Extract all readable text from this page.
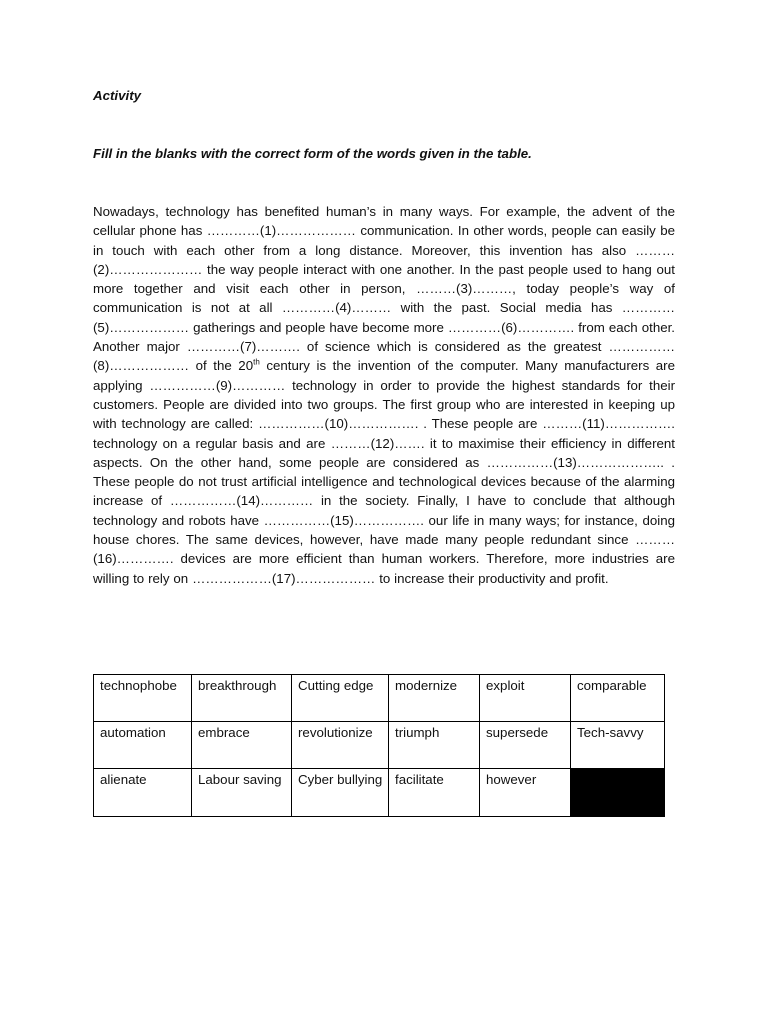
Activity
Fill in the blanks with the correct form of the words given in the table.

Nowadays, technology has benefited human’s in many ways. For example, the advent of the cellular phone has …………(1)……………… communication. In other words, people can easily be in touch with each other from a long distance. Moreover, this invention has also ………(2)………………… the way people interact with one another. In the past people used to hang out more together and visit each other in person, ………(3)………, today people’s way of communication is not at all …………(4)……… with the past. Social media has …………(5)……………… gatherings and people have become more …………(6)…………. from each other. Another major …………(7)………. of science which is considered as the greatest ……………(8)……………… of the 20th century is the invention of the computer. Many manufacturers are applying ……………(9)………… technology in order to provide the highest standards for their customers. People are divided into two groups. The first group who are interested in keeping up with technology are called: ……………(10)……………. . These people are ………(11)……………. technology on a regular basis and are ………(12)……. it to maximise their efficiency in different aspects. On the other hand, some people are considered as ……………(13)……………….. . These people do not trust artificial intelligence and technological devices because of the alarming increase of ……………(14)………… in the society. Finally, I have to conclude that although technology and robots have ……………(15)……………. our life in many ways; for instance, doing house chores. The same devices, however, have made many people redundant since ………(16)…………. devices are more efficient than human workers. Therefore, more industries are willing to rely on ………………(17)……………… to increase their productivity and profit.

technophobe	breakthrough	Cutting edge	modernize	exploit	comparable
automation	embrace	revolutionize	triumph	supersede	Tech-savvy
alienate	Labour saving	Cyber bullying	facilitate	however	
